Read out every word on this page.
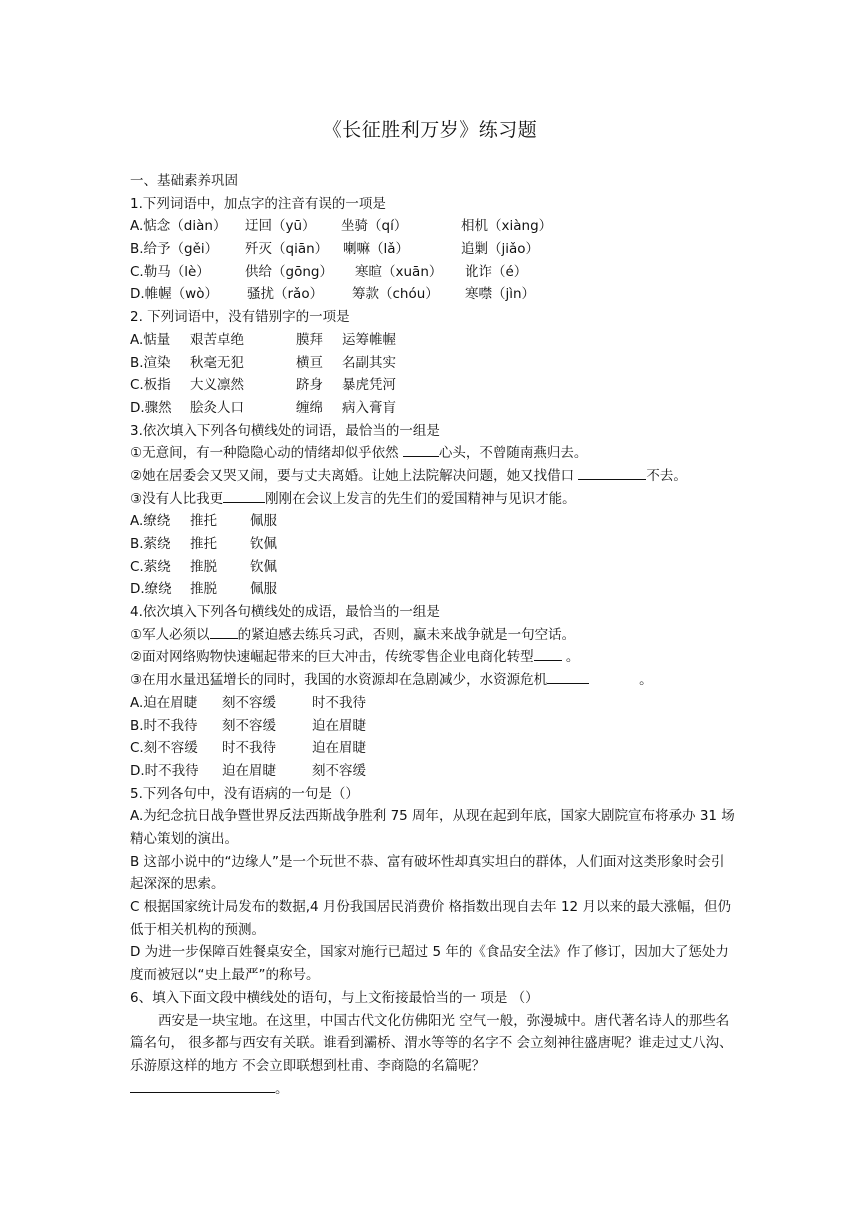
《长征胜利万岁》练习题
一、基础素养巩固
1.下列词语中，加点字的注音有误的一项是
A.惦念（diàn） 迂回（yū） 坐骑（qí）	相机（xiàng）
B.给予（gěi） 歼灭（qiān） 喇嘛（lǎ）	追剿（jiǎo）
C.勒马（lè）	供给（gōng） 寒暄（xuān） 讹诈（é）
D.帷幄（wò） 骚扰（rǎo） 筹款（chóu） 寒噤（jìn）
2. 下列词语中，没有错别字的一项是
A.惦量 艰苦卓绝	膜拜 运筹帷幄
B.渲染 秋毫无犯	横亘 名副其实
C.板指 大义凛然	跻身 暴虎凭河
D.骤然 脍灸人口	缠绵 病入膏肓
3.依次填入下列各句横线处的词语，最恰当的一组是
①无意间，有一种隐隐心动的情绪却似乎依然	心头，不曾随南燕归去。
②她在居委会又哭又闹，要与丈夫离婚。让她上法院解决问题，她又找借口	不去。
③没有人比我更	刚刚在会议上发言的先生们的爱国精神与见识才能。
A.缭绕 推托 佩服
B.萦绕 推托 钦佩
C.萦绕 推脱 钦佩
D.缭绕 推脱 佩服
4.依次填入下列各句横线处的成语，最恰当的一组是
①军人必须以 的紧迫感去练兵习武，否则，赢未来战争就是一句空话。
②面对网络购物快速崛起带来的巨大冲击，传统零售企业电商化转型 。
③在用水量迅猛增长的同时，我国的水资源却在急剧减少，水资源危机	。
A.迫在眉睫 刻不容缓	时不我待
B.时不我待 刻不容缓	迫在眉睫
C.刻不容缓 时不我待	迫在眉睫
D.时不我待 迫在眉睫	刻不容缓
5.下列各句中，没有语病的一句是（）
A.为纪念抗日战争暨世界反法西斯战争胜利 75 周年，从现在起到年底，国家大剧院宣布将承办 31 场精心策划的演出。
B 这部小说中的“边缘人”是一个玩世不恭、富有破坏性却真实坦白的群体，人们面对这类形象时会引起深深的思索。
C 根据国家统计局发布的数据,4 月份我国居民消费价 格指数出现自去年 12 月以来的最大涨幅，但仍低于相关机构的预测。
D 为进一步保障百姓餐桌安全，国家对施行已超过 5 年的《食品安全法》作了修订，因加大了惩处力度而被冠以“史上最严”的称号。
6、填入下面文段中横线处的语句，与上文衔接最恰当的一 项是 （）
西安是一块宝地。在这里，中国古代文化仿佛阳光 空气一般，弥漫城中。唐代著名诗人的那些名篇名句， 很多都与西安有关联。谁看到灞桥、渭水等等的名字不 会立刻神往盛唐呢？谁走过丈八沟、乐游原这样的地方 不会立即联想到杜甫、李商隐的名篇呢？
。
